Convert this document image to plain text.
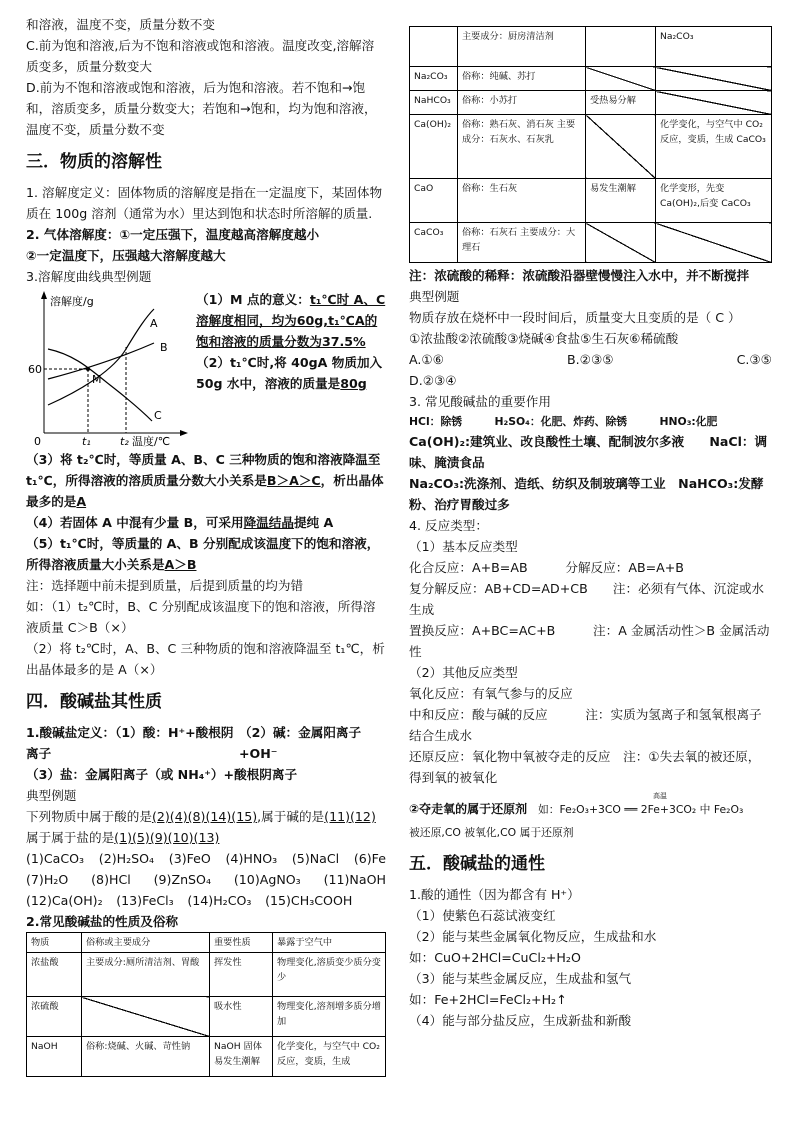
和溶液，温度不变，质量分数不变

C.前为饱和溶液,后为不饱和溶液或饱和溶液。温度改变,溶解溶质变多，质量分数变大

D.前为不饱和溶液或饱和溶液，后为饱和溶液。若不饱和→饱和，溶质变多，质量分数变大；若饱和→饱和，均为饱和溶液，温度不变，质量分数不变

三．物质的溶解性

1. 溶解度定义：固体物质的溶解度是指在一定温度下，某固体物质在 100g 溶剂（通常为水）里达到饱和状态时所溶解的质量.

2. 气体溶解度：①一定压强下，温度越高溶解度越小

②一定温度下，压强越大溶解度越大

3.溶解度曲线典型例题

溶解度/g
60
0	t₁	t₂ 温度/℃
A
B
C
M

（1）M 点的意义：t₁℃时 A、C 溶解度相同，均为60g,t₁℃A的饱和溶液的质量分数为37.5%

（2）t₁℃时,将 40gA 物质加入50g 水中，溶液的质量是80g

（3）将 t₂℃时，等质量 A、B、C 三种物质的饱和溶液降温至 t₁℃，所得溶液的溶质质量分数大小关系是B＞A＞C，析出晶体最多的是A

（4）若固体 A 中混有少量 B，可采用降温结晶提纯 A

（5）t₁℃时，等质量的 A、B 分别配成该温度下的饱和溶液，所得溶液质量大小关系是A＞B

注：选择题中前未提到质量，后提到质量的均为错

如：（1）t₂℃时，B、C 分别配成该温度下的饱和溶液，所得溶液质量 C＞B（×）

（2）将 t₂℃时，A、B、C 三种物质的饱和溶液降温至 t₁℃，析出晶体最多的是 A（×）

四．酸碱盐其性质

1.酸碱盐定义：（1）酸：H⁺+酸根阴离子
（2）碱：金属阳离子+OH⁻

（3）盐：金属阳离子（或 NH₄⁺）+酸根阴离子

典型例题

下列物质中属于酸的是(2)(4)(8)(14)(15),属于碱的是(11)(12)

属于属于盐的是(1)(5)(9)(10)(13)

(1)CaCO₃ (2)H₂SO₄ (3)FeO (4)HNO₃ (5)NaCl (6)Fe

(7)H₂O (8)HCl (9)ZnSO₄ (10)AgNO₃ (11)NaOH

(12)Ca(OH)₂ (13)FeCl₃ (14)H₂CO₃ (15)CH₃COOH

2.常见酸碱盐的性质及俗称

物质	俗称或主要成分	重要性质	暴露于空气中
浓盐酸	主要成分:厕所清洁剂、胃酸	挥发性	物理变化,溶质变少质分变少
浓硫酸		吸水性	物理变化,溶剂增多质分增加
NaOH	俗称:烧碱、火碱、苛性钠	NaOH 固体易发生潮解	化学变化，与空气中 CO₂反应，变质，生成
	主要成分：厨房清洁剂		Na₂CO₃
Na₂CO₃	俗称：纯碱、苏打		
NaHCO₃	俗称：小苏打	受热易分解	
Ca(OH)₂	俗称：熟石灰、消石灰 主要成分：石灰水、石灰乳		化学变化，与空气中 CO₂反应，变质，生成 CaCO₃
CaO	俗称：生石灰	易发生潮解	化学变形，先变 Ca(OH)₂,后变 CaCO₃
CaCO₃	俗称：石灰石 主要成分：大理石		

注：浓硫酸的稀释：浓硫酸沿器壁慢慢注入水中，并不断搅拌

典型例题

物质存放在烧杯中一段时间后，质量变大且变质的是（ C ）

①浓盐酸②浓硫酸③烧碱④食盐⑤生石灰⑥稀硫酸

A.①⑥	B.②③⑤	C.③⑤

D.②③④

3. 常见酸碱盐的重要作用

HCl：除锈　　　H₂SO₄：化肥、炸药、除锈　　　HNO₃:化肥

Ca(OH)₂:建筑业、改良酸性土壤、配制波尔多液　　NaCl：调味、腌渍食品

Na₂CO₃:洗涤剂、造纸、纺织及制玻璃等工业　NaHCO₃:发酵粉、治疗胃酸过多

4. 反应类型：

（1）基本反应类型

化合反应：A+B=AB　　　分解反应：AB=A+B

复分解反应：AB+CD=AD+CB　　注：必须有气体、沉淀或水生成

置换反应：A+BC=AC+B　　　注：A 金属活动性＞B 金属活动性

（2）其他反应类型

氧化反应：有氧气参与的反应

中和反应：酸与碱的反应　　　注：实质为氢离子和氢氧根离子结合生成水

还原反应：氧化物中氧被夺走的反应　注：①失去氧的被还原，得到氧的被氧化

高温

②夺走氧的属于还原剂　 如：Fe₂O₃+3CO ══ 2Fe+3CO₂ 中 Fe₂O₃

被还原,CO 被氧化,CO 属于还原剂

五．酸碱盐的通性

1.酸的通性（因为都含有 H⁺）

（1）使紫色石蕊试液变红

（2）能与某些金属氧化物反应，生成盐和水

如：CuO+2HCl=CuCl₂+H₂O

（3）能与某些金属反应，生成盐和氢气

如：Fe+2HCl=FeCl₂+H₂↑

（4）能与部分盐反应，生成新盐和新酸
